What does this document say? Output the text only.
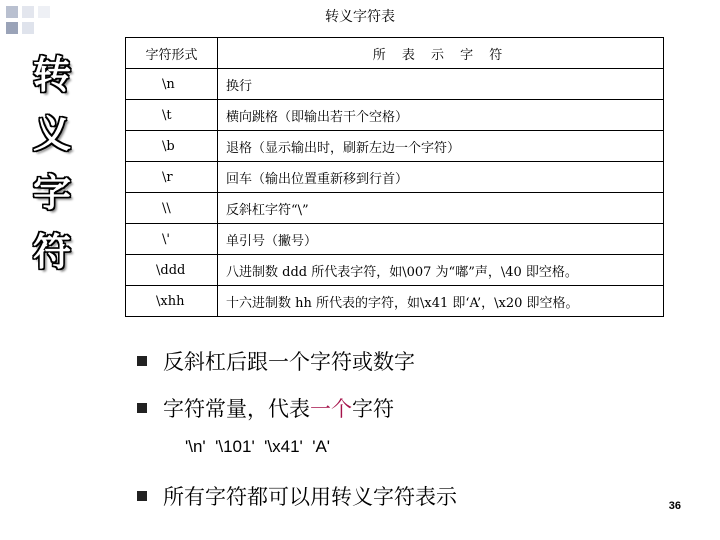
转
义
字
符
转义字符表
字符形式	所 表 示 字 符
\n	换行
\t	横向跳格（即输出若干个空格）
\b	退格（显示输出时，刷新左边一个字符）
\r	回车（输出位置重新移到行首）
\\	反斜杠字符“\”
\'	单引号（撇号）
\ddd	八进制数 ddd 所代表字符，如\007 为“嘟”声，\40 即空格。
\xhh	十六进制数 hh 所代表的字符，如\x41 即‘A’，\x20 即空格。
反斜杠后跟一个字符或数字
字符常量，代表一个字符
'\n'  '\101'  '\x41'  'A'
所有字符都可以用转义字符表示	36
